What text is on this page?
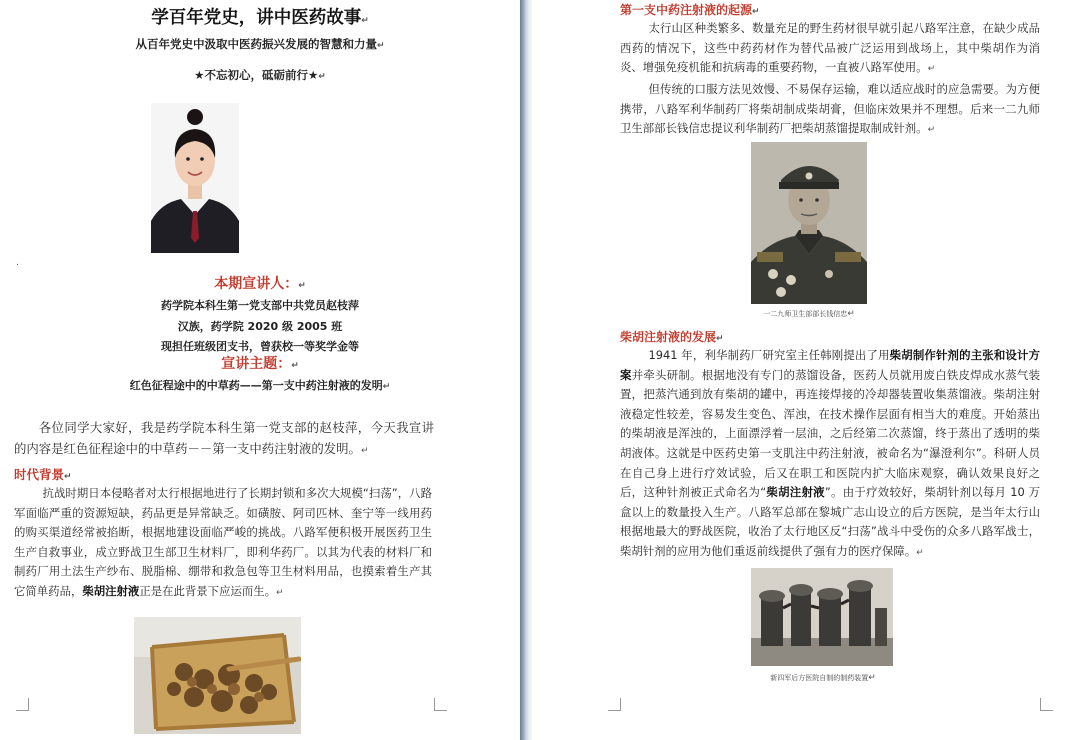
学百年党史，讲中医药故事↵
从百年党史中汲取中医药振兴发展的智慧和力量↵
★不忘初心，砥砺前行★↵
.
本期宣讲人：↵
药学院本科生第一党支部中共党员赵枝萍
汉族，药学院 2020 级 2005 班
现担任班级团支书，曾获校一等奖学金等
宣讲主题：↵
红色征程途中的中草药——第一支中药注射液的发明↵
各位同学大家好，我是药学院本科生第一党支部的赵枝萍，今天我宣讲的内容是红色征程途中的中草药－－第一支中药注射液的发明。↵
时代背景↵
抗战时期日本侵略者对太行根据地进行了长期封锁和多次大规模“扫荡”，八路军面临严重的资源短缺，药品更是异常缺乏。如磺胺、阿司匹林、奎宁等一线用药的购买渠道经常被掐断，根据地建设面临严峻的挑战。八路军便积极开展医药卫生生产自救事业，成立野战卫生部卫生材料厂，即利华药厂。以其为代表的材料厂和制药厂用土法生产纱布、脱脂棉、绷带和救急包等卫生材料用品，也摸索着生产其它简单药品，柴胡注射液正是在此背景下应运而生。↵
第一支中药注射液的起源↵
太行山区种类繁多、数量充足的野生药材很早就引起八路军注意，在缺少成品西药的情况下，这些中药药材作为替代品被广泛运用到战场上，其中柴胡作为消炎、增强免疫机能和抗病毒的重要药物，一直被八路军使用。↵
但传统的口服方法见效慢、不易保存运输，难以适应战时的应急需要。为方便携带，八路军利华制药厂将柴胡制成柴胡膏，但临床效果并不理想。后来一二九师卫生部部长钱信忠提议利华制药厂把柴胡蒸馏提取制成针剂。↵
一二九师卫生部部长钱信忠↵
柴胡注射液的发展↵
1941 年，利华制药厂研究室主任韩刚提出了用柴胡制作针剂的主张和设计方案并牵头研制。根据地没有专门的蒸馏设备，医药人员就用废白铁皮焊成水蒸气装置，把蒸汽通到放有柴胡的罐中，再连接焊接的冷却器装置收集蒸馏液。柴胡注射液稳定性较差，容易发生变色、浑浊，在技术操作层面有相当大的难度。开始蒸出的柴胡液是浑浊的，上面漂浮着一层油，之后经第二次蒸馏，终于蒸出了透明的柴胡液体。这就是中医药史第一支肌注中药注射液，被命名为“瀑澄利尔”。科研人员在自己身上进行疗效试验，后又在职工和医院内扩大临床观察，确认效果良好之后，这种针剂被正式命名为“柴胡注射液”。由于疗效较好，柴胡针剂以每月 10 万盒以上的数量投入生产。八路军总部在黎城广志山设立的后方医院，是当年太行山根据地最大的野战医院，收治了太行地区反“扫荡”战斗中受伤的众多八路军战士，柴胡针剂的应用为他们重返前线提供了强有力的医疗保障。↵
新四军后方医院自制的制药装置↵
